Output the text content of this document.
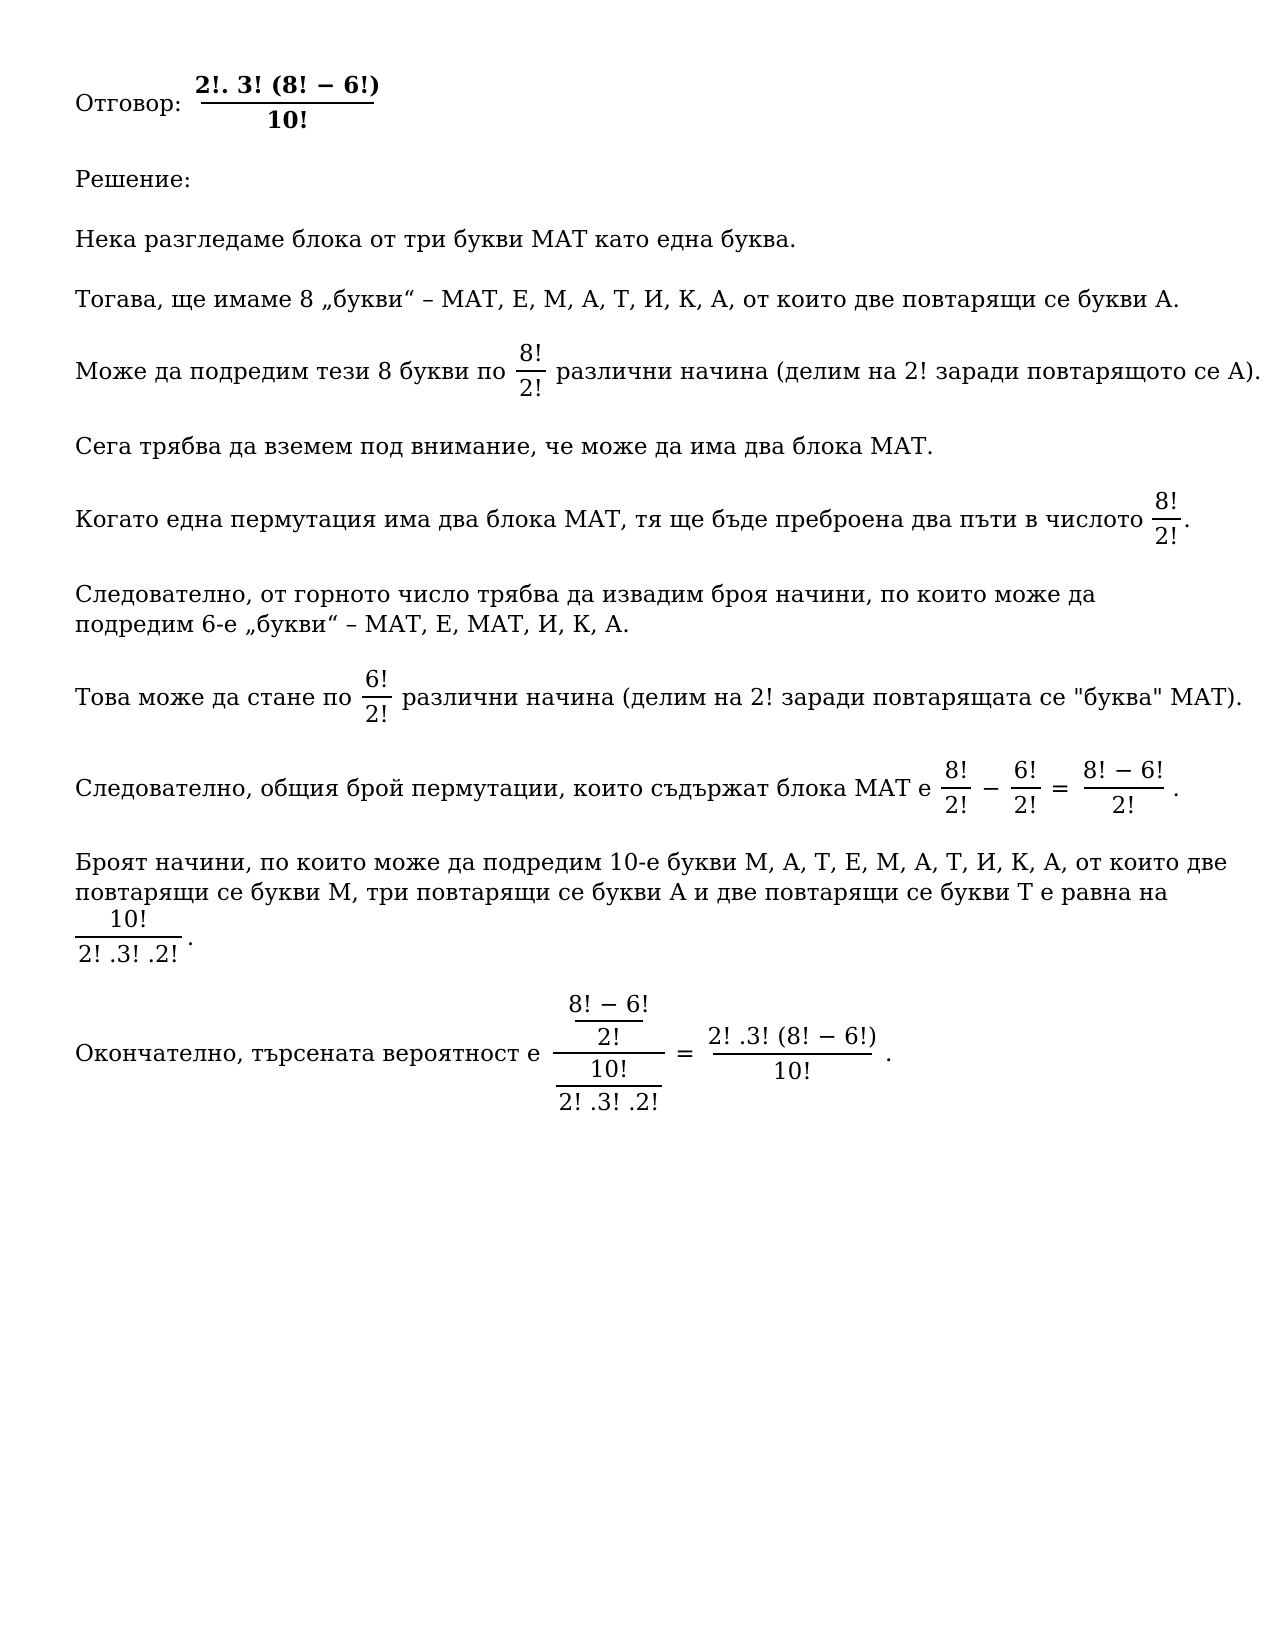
Отговор: $\frac{2!. 3! (8! - 6!)}{10!}$
Решение:
Нека разгледаме блока от три букви МАТ като една буква.
Тогава, ще имаме 8 „букви“ – МАТ, Е, М, А, Т, И, К, А, от които две повтарящи се букви А.
Може да подредим тези 8 букви по $\frac{8!}{2!}$ различни начина (делим на 2! заради повтарящото се А).
Сега трябва да вземем под внимание, че може да има два блока МАТ.
Когато една пермутация има два блока МАТ, тя ще бъде преброена два пъти в числото $\frac{8!}{2!}$ .
Следователно, от горното число трябва да извадим броя начини, по които може да
подредим 6-е „букви“ – МАТ, Е, МАТ, И, К, А.
Това може да стане по $\frac{6!}{2!}$ различни начина (делим на 2! заради повтарящата се "буква" МАТ).
Следователно, общия брой пермутации, които съдържат блока МАТ е $\frac{8!}{2!} - \frac{6!}{2!} = \frac{8! - 6!}{2!}$ .
Броят начини, по които може да подредим 10-е букви М, А, Т, Е, М, А, Т, И, К, А, от които две
повтарящи се букви М, три повтарящи се букви А и две повтарящи се букви Т е равна на
$\frac{10!}{2! .3! .2!}$ .
Окончателно, търсената вероятност е $\frac{\frac{8! - 6!}{2!}}{\frac{10!}{2! .3! .2!}} = \frac{2! .3! (8! - 6!)}{10!}$ .
